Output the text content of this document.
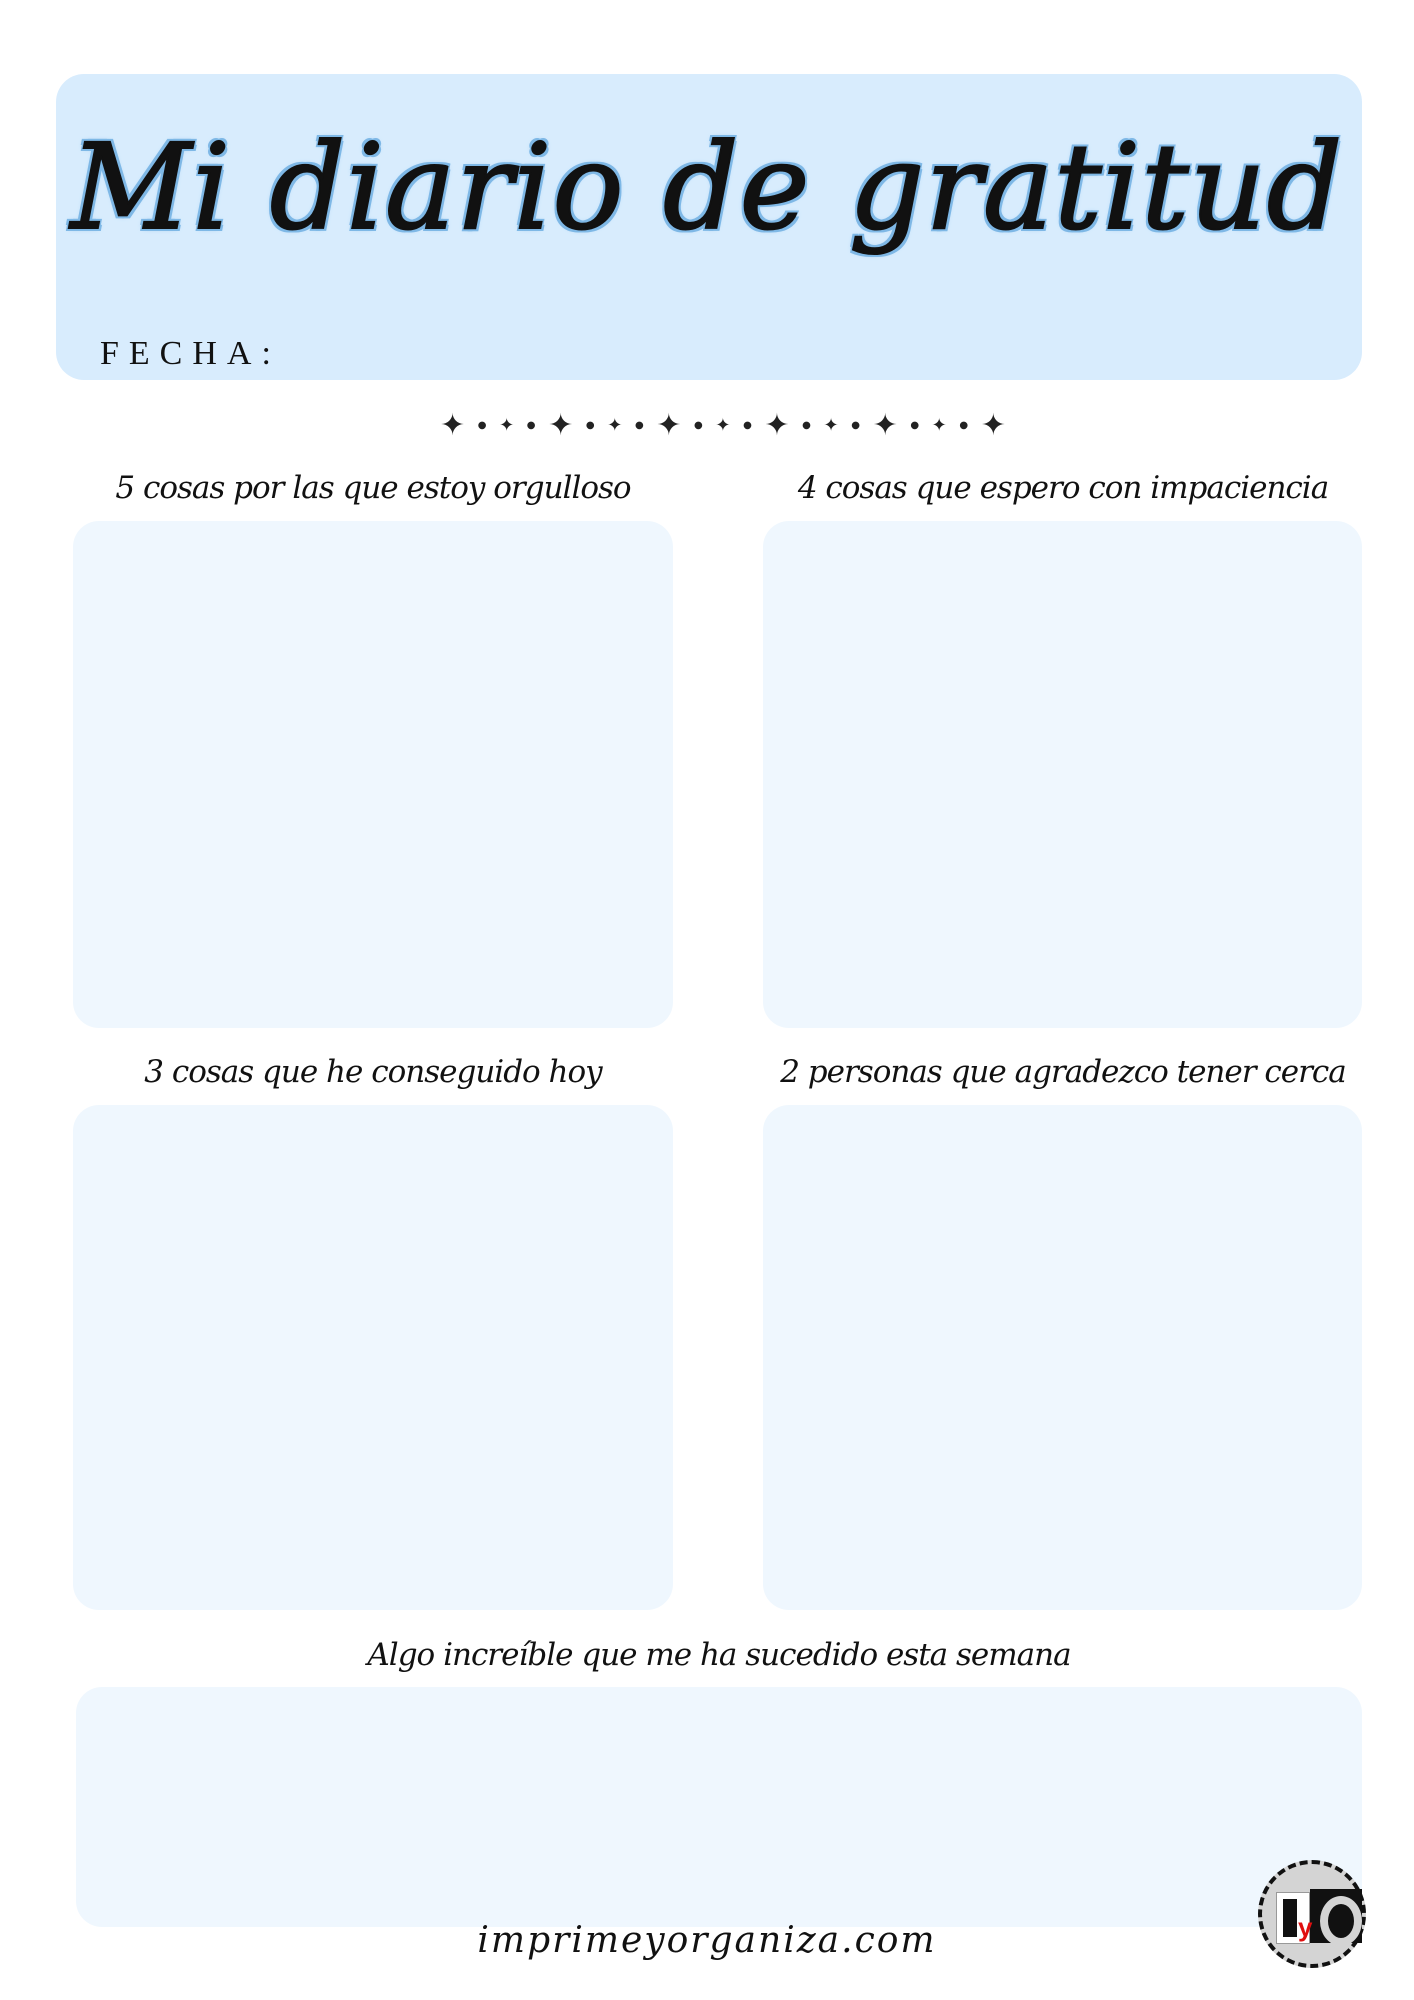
Mi diario de gratitud
FECHA:
✦ ● ✦ ● ✦ ● ✦ ● ✦ ● ✦ ● ✦ ● ✦ ● ✦ ● ✦ ● ✦
5 cosas por las que estoy orgulloso	4 cosas que espero con impaciencia
3 cosas que he conseguido hoy	2 personas que agradezco tener cerca
Algo increíble que me ha sucedido esta semana
imprimeyorganiza.com	y
